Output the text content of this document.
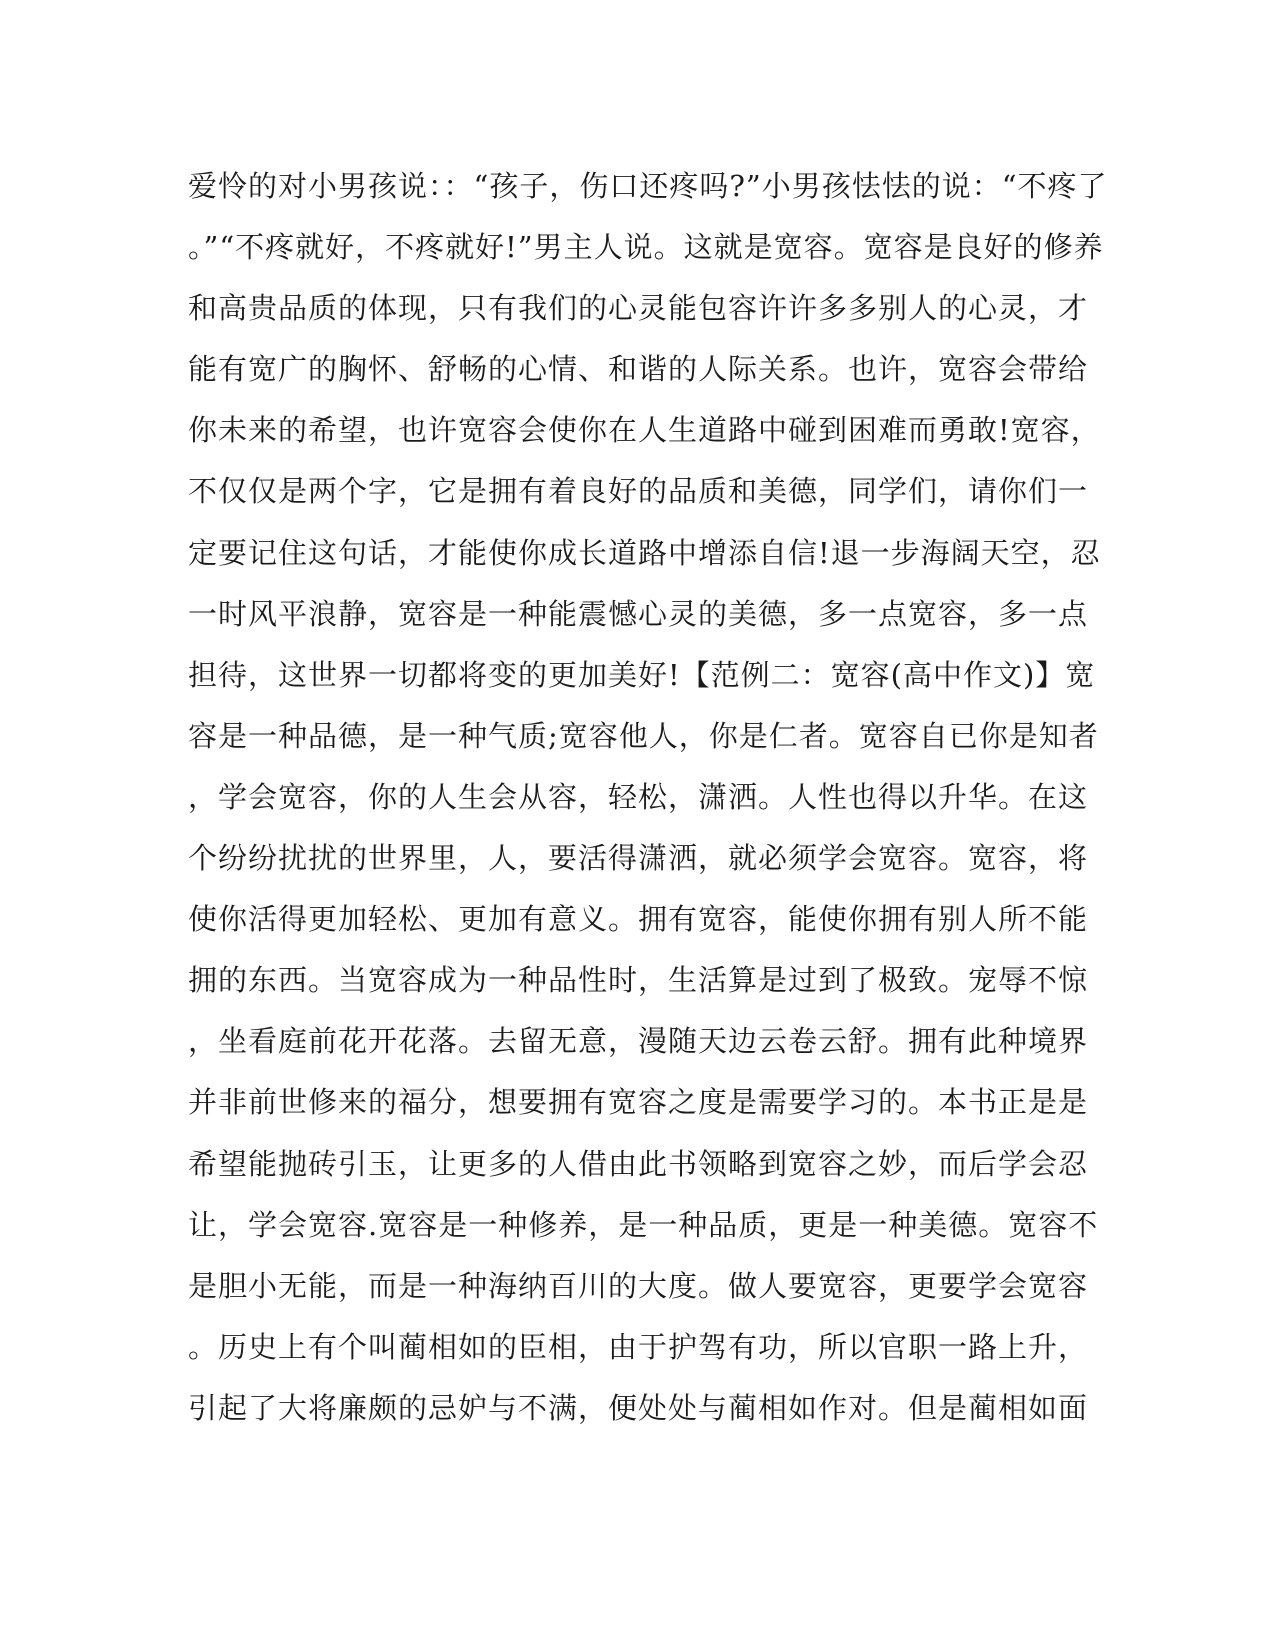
爱怜的对小男孩说：：“孩子，伤口还疼吗?”小男孩怯怯的说：“不疼了
。”“不疼就好，不疼就好!”男主人说。这就是宽容。宽容是良好的修养
和高贵品质的体现，只有我们的心灵能包容许许多多别人的心灵，才
能有宽广的胸怀、舒畅的心情、和谐的人际关系。也许，宽容会带给
你未来的希望，也许宽容会使你在人生道路中碰到困难而勇敢!宽容，
不仅仅是两个字，它是拥有着良好的品质和美德，同学们，请你们一
定要记住这句话，才能使你成长道路中增添自信!退一步海阔天空，忍
一时风平浪静，宽容是一种能震憾心灵的美德，多一点宽容，多一点
担待，这世界一切都将变的更加美好!【范例二：宽容(高中作文)】宽
容是一种品德，是一种气质;宽容他人，你是仁者。宽容自已你是知者
，学会宽容，你的人生会从容，轻松，潇洒。人性也得以升华。在这
个纷纷扰扰的世界里，人，要活得潇洒，就必须学会宽容。宽容，将
使你活得更加轻松、更加有意义。拥有宽容，能使你拥有别人所不能
拥的东西。当宽容成为一种品性时，生活算是过到了极致。宠辱不惊
，坐看庭前花开花落。去留无意，漫随天边云卷云舒。拥有此种境界
并非前世修来的福分，想要拥有宽容之度是需要学习的。本书正是是
希望能抛砖引玉，让更多的人借由此书领略到宽容之妙，而后学会忍
让，学会宽容.宽容是一种修养，是一种品质，更是一种美德。宽容不
是胆小无能，而是一种海纳百川的大度。做人要宽容，更要学会宽容
。历史上有个叫蔺相如的臣相，由于护驾有功，所以官职一路上升，
引起了大将廉颇的忌妒与不满，便处处与蔺相如作对。但是蔺相如面
